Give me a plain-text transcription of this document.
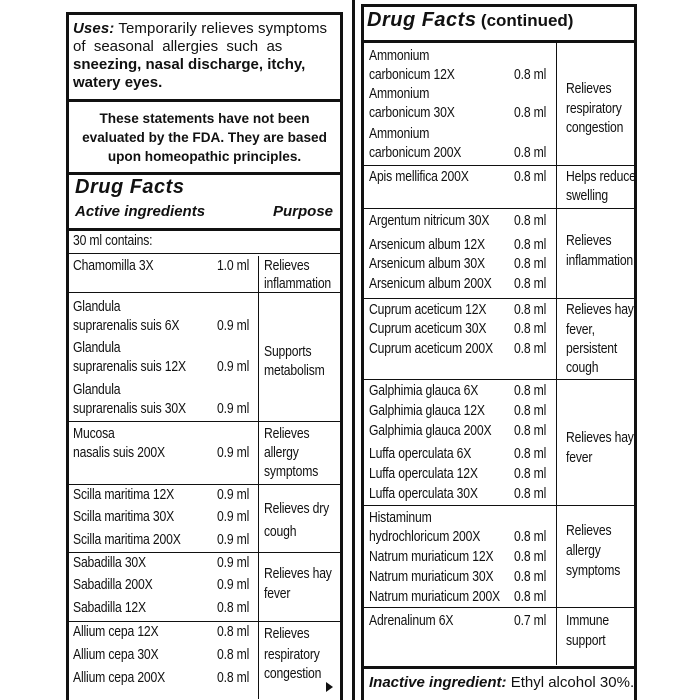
Uses: Temporarily relieves symptoms
of  seasonal  allergies  such  as
sneezing, nasal discharge, itchy,
watery eyes.
These statements have not been
evaluated by the FDA. They are based
upon homeopathic principles.
Drug Facts
Active ingredients	Purpose
30 ml contains:
Chamomilla 3X	1.0 ml Relieves
inflammation
Glandula
suprarenalis suis 6X	0.9 ml
Glandula
suprarenalis suis 12X 0.9 ml
Glandula
suprarenalis suis 30X 0.9 ml
Supports
metabolism
Mucosa
nasalis suis 200X	0.9 ml
Relieves
allergy
symptoms
Scilla maritima 12X	0.9 ml
Scilla maritima 30X	0.9 ml
Scilla maritima 200X	0.9 ml
Relieves dry
cough
Sabadilla 30X	0.9 ml
Sabadilla 200X	0.9 ml
Sabadilla 12X	0.8 ml
Relieves hay
fever
Allium cepa 12X	0.8 ml
Allium cepa 30X	0.8 ml
Allium cepa 200X	0.8 ml
Relieves
respiratory
congestion
Drug Facts (continued)
Ammonium
carbonicum 12X	0.8 ml
Ammonium
carbonicum 30X	0.8 ml
Ammonium
carbonicum 200X	0.8 ml
Relieves
respiratory
congestion
Apis mellifica 200X	0.8 ml Helps reduce
swelling
Argentum nitricum 30X 0.8 ml
Arsenicum album 12X 0.8 ml
Arsenicum album 30X 0.8 ml
Arsenicum album 200X 0.8 ml
Relieves
inflammation
Cuprum aceticum 12X 0.8 ml
Cuprum aceticum 30X 0.8 ml
Cuprum aceticum 200X 0.8 ml
Relieves hay
fever,
persistent
cough
Galphimia glauca 6X 0.8 ml
Galphimia glauca 12X 0.8 ml
Galphimia glauca 200X 0.8 ml
Luffa operculata 6X	0.8 ml
Luffa operculata 12X 0.8 ml
Luffa operculata 30X 0.8 ml
Relieves hay
fever
Histaminum
hydrochloricum 200X 0.8 ml
Natrum muriaticum 12X 0.8 ml
Natrum muriaticum 30X 0.8 ml
Natrum muriaticum 200X 0.8 ml
Relieves
allergy
symptoms
Adrenalinum 6X	0.7 ml Immune
support
Inactive ingredient: Ethyl alcohol 30%.
